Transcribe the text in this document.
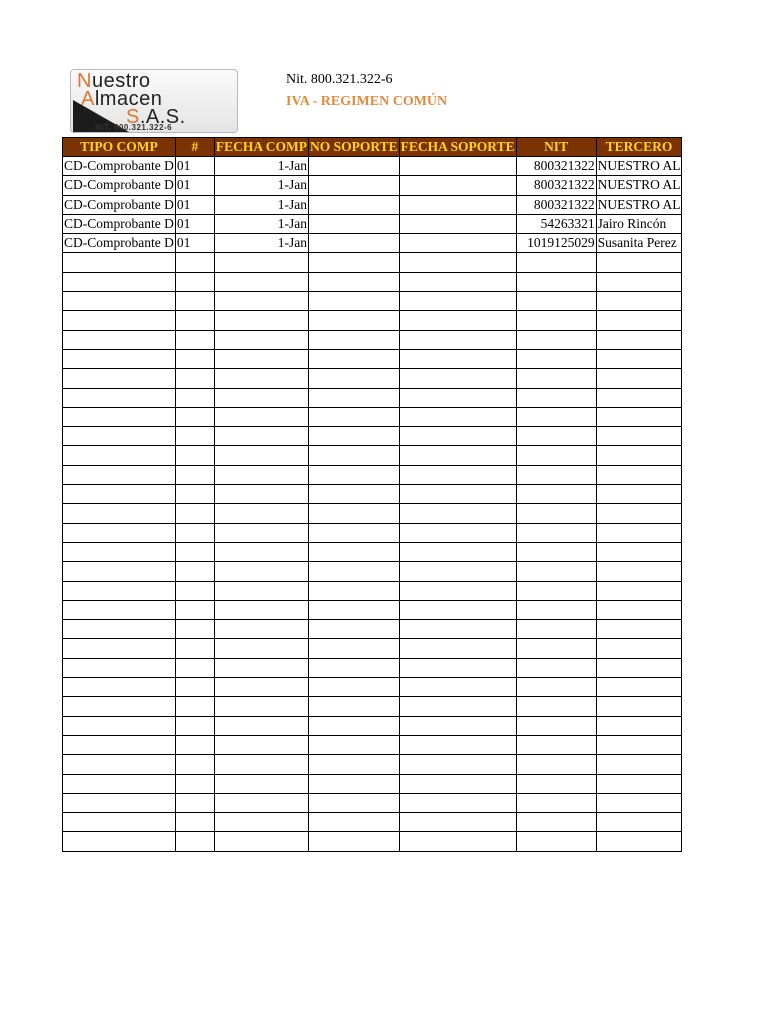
Nuestro
Almacen
S.A.S.
NIT. 800.321.322-6
Nit. 800.321.322-6
IVA - REGIMEN COMÚN
TIPO COMP	#	FECHA COMP	NO SOPORTE	FECHA SOPORTE	NIT	TERCERO
CD-Comprobante D	01	1-Jan			800321322	NUESTRO AL
CD-Comprobante D	01	1-Jan			800321322	NUESTRO AL
CD-Comprobante D	01	1-Jan			800321322	NUESTRO AL
CD-Comprobante D	01	1-Jan			54263321	Jairo Rincón
CD-Comprobante D	01	1-Jan			1019125029	Susanita Perez
